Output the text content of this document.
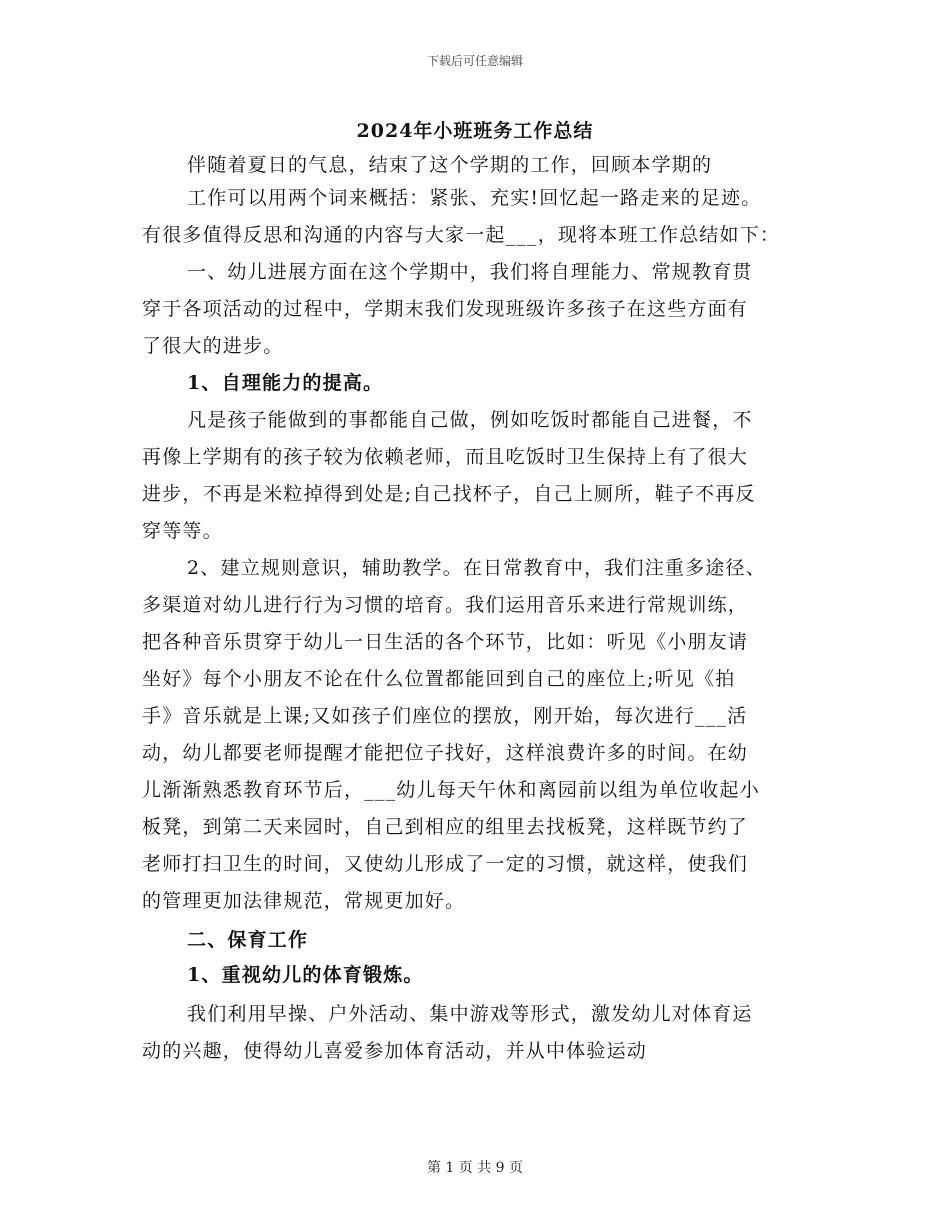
下载后可任意编辑
2024年小班班务工作总结
伴随着夏日的气息，结束了这个学期的工作，回顾本学期的
工作可以用两个词来概括：紧张、充实!回忆起一路走来的足迹。
有很多值得反思和沟通的内容与大家一起___，现将本班工作总结如下：
一、幼儿进展方面在这个学期中，我们将自理能力、常规教育贯
穿于各项活动的过程中，学期末我们发现班级许多孩子在这些方面有
了很大的进步。
1、自理能力的提高。
凡是孩子能做到的事都能自己做，例如吃饭时都能自己进餐，不
再像上学期有的孩子较为依赖老师，而且吃饭时卫生保持上有了很大
进步，不再是米粒掉得到处是;自己找杯子，自己上厕所，鞋子不再反
穿等等。
2、建立规则意识，辅助教学。在日常教育中，我们注重多途径、
多渠道对幼儿进行行为习惯的培育。我们运用音乐来进行常规训练，
把各种音乐贯穿于幼儿一日生活的各个环节，比如：听见《小朋友请
坐好》每个小朋友不论在什么位置都能回到自己的座位上;听见《拍
手》音乐就是上课;又如孩子们座位的摆放，刚开始，每次进行___活
动，幼儿都要老师提醒才能把位子找好，这样浪费许多的时间。在幼
儿渐渐熟悉教育环节后，___幼儿每天午休和离园前以组为单位收起小
板凳，到第二天来园时，自己到相应的组里去找板凳，这样既节约了
老师打扫卫生的时间，又使幼儿形成了一定的习惯，就这样，使我们
的管理更加法律规范，常规更加好。
二、保育工作
1、重视幼儿的体育锻炼。
我们利用早操、户外活动、集中游戏等形式，激发幼儿对体育运
动的兴趣，使得幼儿喜爱参加体育活动，并从中体验运动
第 1 页 共 9 页
